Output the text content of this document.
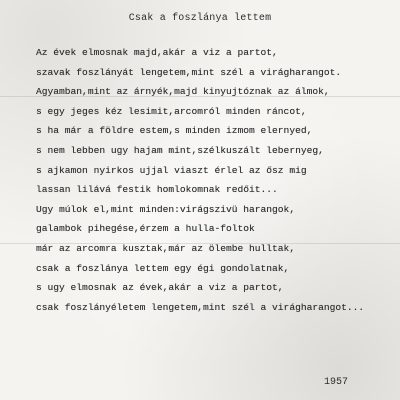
Csak a foszlánya lettem
Az évek elmosnak majd,akár a viz a partot,
szavak foszlányát lengetem,mint szél a virágharangot.
Agyamban,mint az árnyék,majd kinyujtóznak az álmok,
s egy jeges kéz lesimit,arcomról minden ráncot,
s ha már a földre estem,s minden izmom elernyed,
s nem lebben ugy hajam mint,szélkuszált lebernyeg,
s ajkamon nyirkos ujjal viaszt érlel az ősz mig
lassan lilává festik homlokomnak redőit...
Ugy múlok el,mint minden:virágszivü harangok,
galambok pihegése,érzem a hulla-foltok
már az arcomra kusztak,már az ölembe hulltak,
csak a foszlánya lettem egy égi gondolatnak,
s ugy elmosnak az évek,akár a viz a partot,
csak foszlányéletem lengetem,mint szél a virágharangot...
1957
